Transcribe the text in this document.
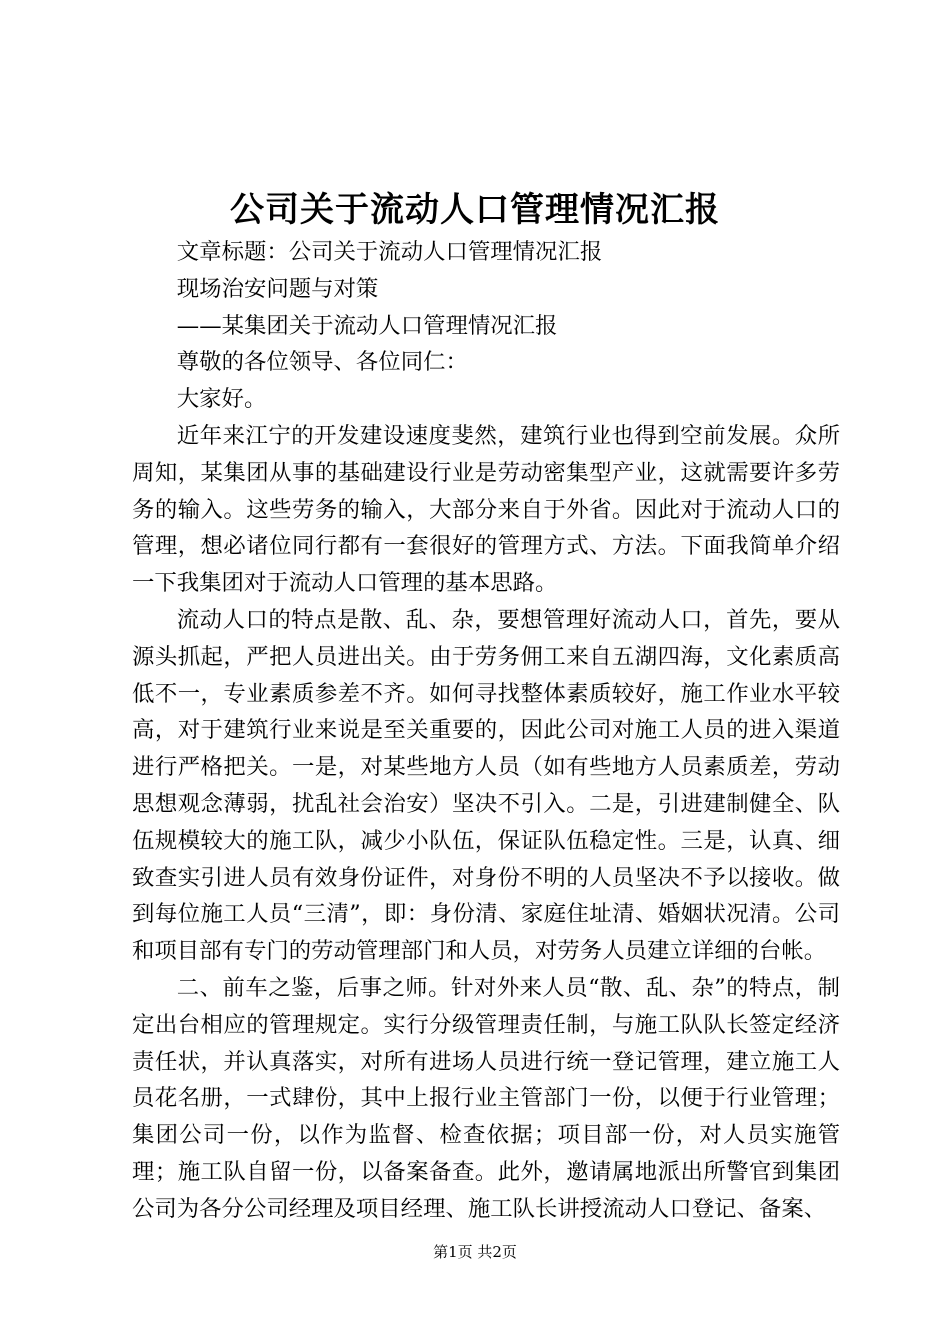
公司关于流动人口管理情况汇报

文章标题：公司关于流动人口管理情况汇报

现场治安问题与对策

——某集团关于流动人口管理情况汇报

尊敬的各位领导、各位同仁：

大家好。

近年来江宁的开发建设速度斐然，建筑行业也得到空前发展。众所周知，某集团从事的基础建设行业是劳动密集型产业，这就需要许多劳务的输入。这些劳务的输入，大部分来自于外省。因此对于流动人口的管理，想必诸位同行都有一套很好的管理方式、方法。下面我简单介绍一下我集团对于流动人口管理的基本思路。

流动人口的特点是散、乱、杂，要想管理好流动人口，首先，要从源头抓起，严把人员进出关。由于劳务佣工来自五湖四海，文化素质高低不一，专业素质参差不齐。如何寻找整体素质较好，施工作业水平较高，对于建筑行业来说是至关重要的，因此公司对施工人员的进入渠道进行严格把关。一是，对某些地方人员（如有些地方人员素质差，劳动思想观念薄弱，扰乱社会治安）坚决不引入。二是，引进建制健全、队伍规模较大的施工队，减少小队伍，保证队伍稳定性。三是，认真、细致查实引进人员有效身份证件，对身份不明的人员坚决不予以接收。做到每位施工人员“三清”，即：身份清、家庭住址清、婚姻状况清。公司和项目部有专门的劳动管理部门和人员，对劳务人员建立详细的台帐。

二、前车之鉴，后事之师。针对外来人员“散、乱、杂”的特点，制定出台相应的管理规定。实行分级管理责任制，与施工队队长签定经济责任状，并认真落实，对所有进场人员进行统一登记管理，建立施工人员花名册，一式肆份，其中上报行业主管部门一份，以便于行业管理；集团公司一份，以作为监督、检查依据；项目部一份，对人员实施管理；施工队自留一份，以备案备查。此外，邀请属地派出所警官到集团公司为各分公司经理及项目经理、施工队长讲授流动人口登记、备案、

第1页 共2页
